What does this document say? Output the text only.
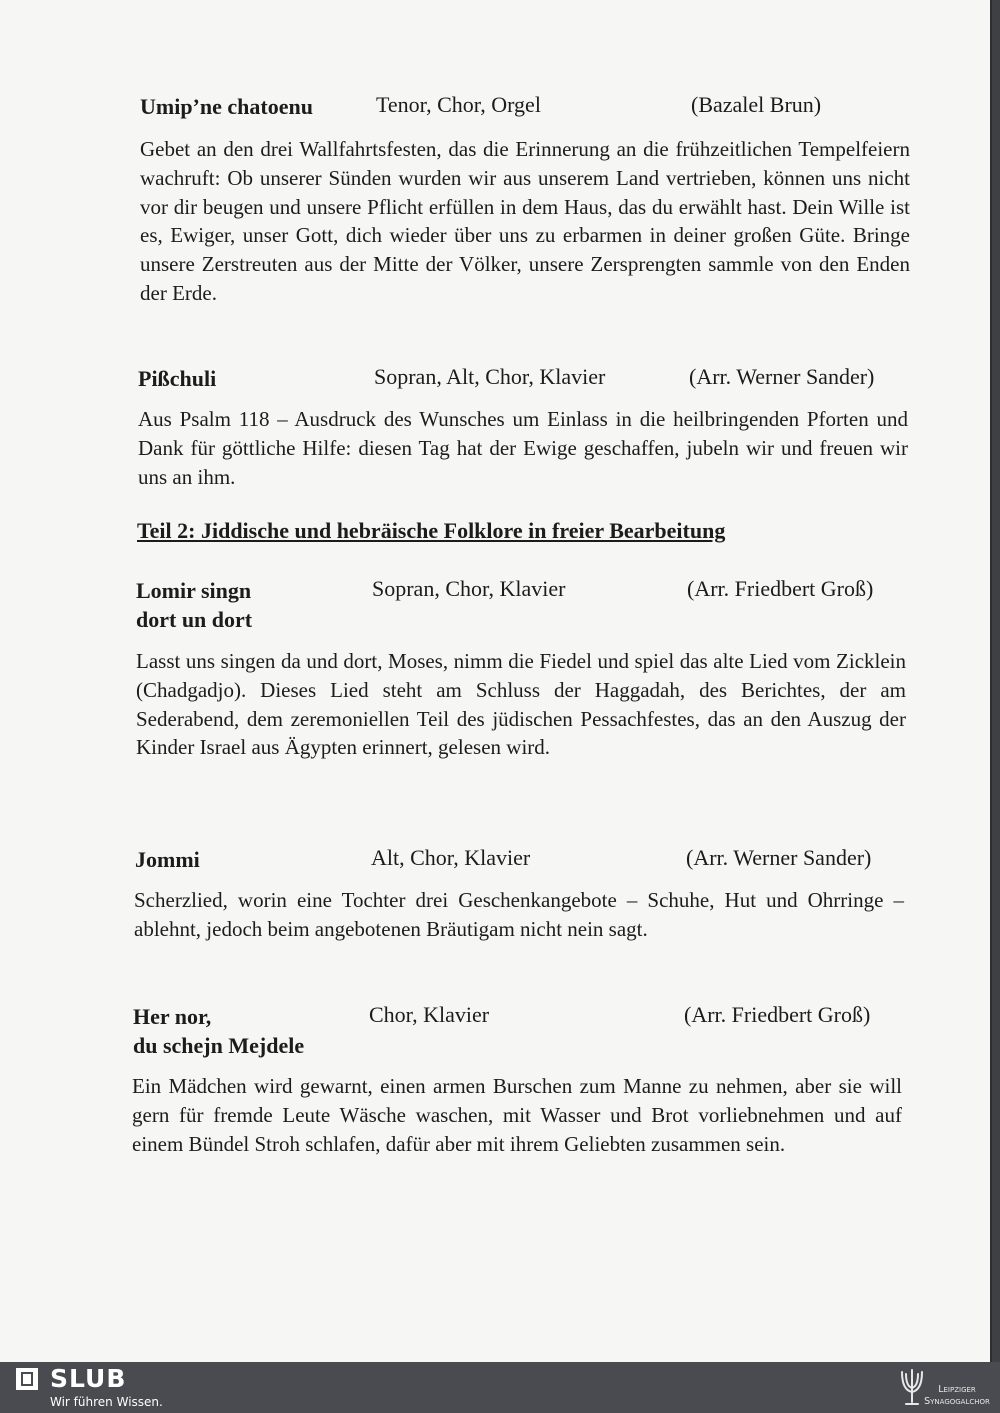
Umip’ne chatoenu	Tenor, Chor, Orgel	(Bazalel Brun)
Gebet an den drei Wallfahrtsfesten, das die Erinnerung an die frühzeitlichen Tempelfeiern wachruft: Ob unserer Sünden wurden wir aus unserem Land vertrieben, können uns nicht vor dir beugen und unsere Pflicht erfüllen in dem Haus, das du erwählt hast. Dein Wille ist es, Ewiger, unser Gott, dich wieder über uns zu erbarmen in deiner großen Güte. Bringe unsere Zerstreuten aus der Mitte der Völker, unsere Zersprengten sammle von den Enden der Erde.
Pißchuli	Sopran, Alt, Chor, Klavier	(Arr. Werner Sander)
Aus Psalm 118 – Ausdruck des Wunsches um Einlass in die heilbringenden Pforten und Dank für göttliche Hilfe: diesen Tag hat der Ewige geschaffen, jubeln wir und freuen wir uns an ihm.
Teil 2: Jiddische und hebräische Folklore in freier Bearbeitung
Lomir singn
dort un dort
Sopran, Chor, Klavier	(Arr. Friedbert Groß)
Lasst uns singen da und dort, Moses, nimm die Fiedel und spiel das alte Lied vom Zicklein (Chadgadjo). Dieses Lied steht am Schluss der Haggadah, des Berichtes, der am Sederabend, dem zeremoniellen Teil des jüdischen Pessachfestes, das an den Auszug der Kinder Israel aus Ägypten erinnert, gelesen wird.
Jommi	Alt, Chor, Klavier	(Arr. Werner Sander)
Scherzlied, worin eine Tochter drei Geschenkangebote – Schuhe, Hut und Ohrringe – ablehnt, jedoch beim angebotenen Bräutigam nicht nein sagt.
Her nor,
du schejn Mejdele
Chor, Klavier	(Arr. Friedbert Groß)
Ein Mädchen wird gewarnt, einen armen Burschen zum Manne zu nehmen, aber sie will gern für fremde Leute Wäsche waschen, mit Wasser und Brot vorliebnehmen und auf einem Bündel Stroh schlafen, dafür aber mit ihrem Geliebten zusammen sein.
SLUB
Wir führen Wissen.
Leipziger
Synagogalchor
